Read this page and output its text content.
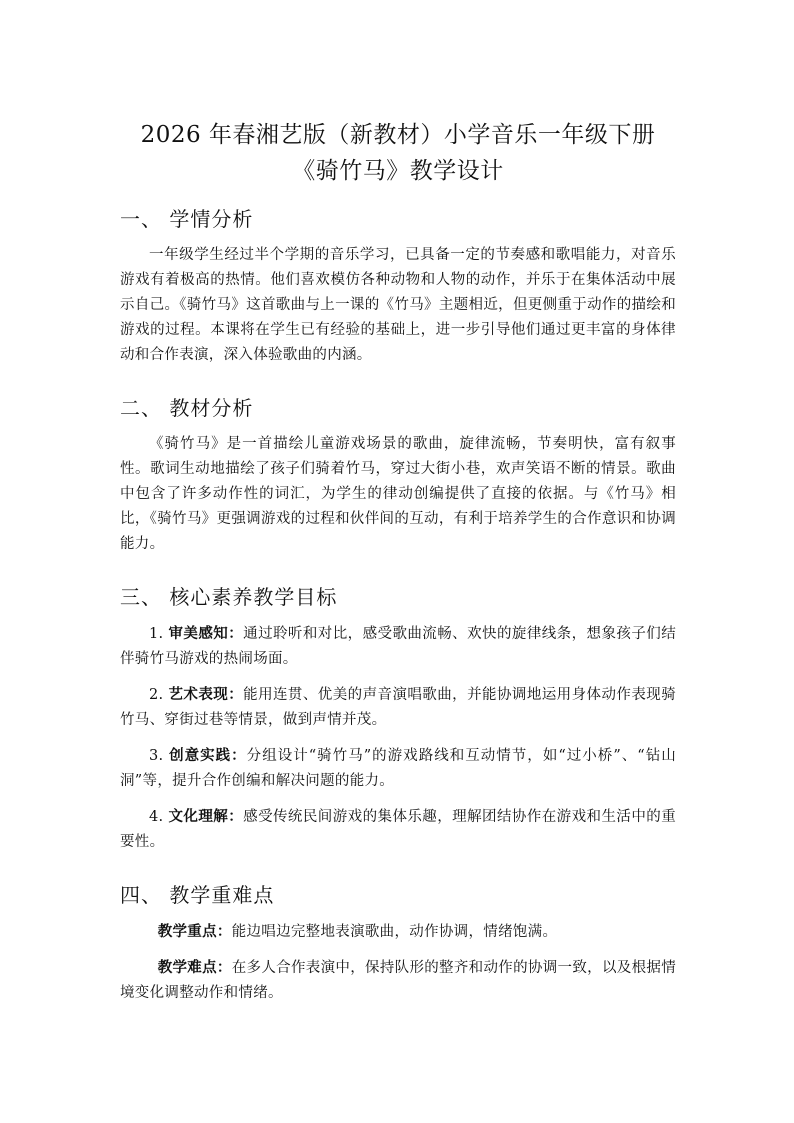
2026 年春湘艺版（新教材）小学音乐一年级下册
《骑竹马》教学设计
一、 学情分析

一年级学生经过半个学期的音乐学习，已具备一定的节奏感和歌唱能力，对音乐游戏有着极高的热情。他们喜欢模仿各种动物和人物的动作，并乐于在集体活动中展示自己。《骑竹马》这首歌曲与上一课的《竹马》主题相近，但更侧重于动作的描绘和游戏的过程。本课将在学生已有经验的基础上，进一步引导他们通过更丰富的身体律动和合作表演，深入体验歌曲的内涵。

二、 教材分析

《骑竹马》是一首描绘儿童游戏场景的歌曲，旋律流畅，节奏明快，富有叙事性。歌词生动地描绘了孩子们骑着竹马，穿过大街小巷，欢声笑语不断的情景。歌曲中包含了许多动作性的词汇，为学生的律动创编提供了直接的依据。与《竹马》相比，《骑竹马》更强调游戏的过程和伙伴间的互动，有利于培养学生的合作意识和协调能力。

三、 核心素养教学目标

1. 审美感知：通过聆听和对比，感受歌曲流畅、欢快的旋律线条，想象孩子们结伴骑竹马游戏的热闹场面。

2. 艺术表现：能用连贯、优美的声音演唱歌曲，并能协调地运用身体动作表现骑竹马、穿街过巷等情景，做到声情并茂。

3. 创意实践：分组设计“骑竹马”的游戏路线和互动情节，如“过小桥”、“钻山洞”等，提升合作创编和解决问题的能力。

4. 文化理解：感受传统民间游戏的集体乐趣，理解团结协作在游戏和生活中的重要性。

四、 教学重难点

教学重点：能边唱边完整地表演歌曲，动作协调，情绪饱满。

教学难点：在多人合作表演中，保持队形的整齐和动作的协调一致，以及根据情境变化调整动作和情绪。
